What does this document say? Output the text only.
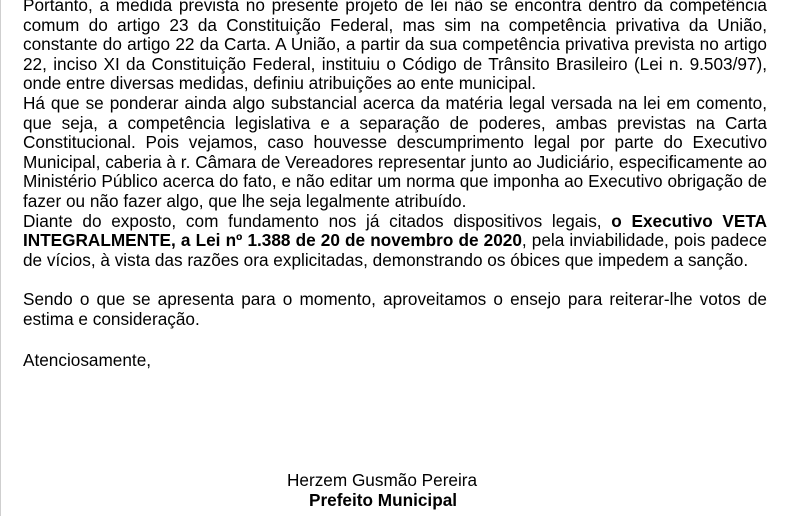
Portanto, a medida prevista no presente projeto de lei não se encontra dentro da competência comum do artigo 23 da Constituição Federal, mas sim na competência privativa da União, constante do artigo 22 da Carta. A União, a partir da sua competência privativa prevista no artigo 22, inciso XI da Constituição Federal, instituiu o Código de Trânsito Brasileiro (Lei n. 9.503/97), onde entre diversas medidas, definiu atribuições ao ente municipal.

Há que se ponderar ainda algo substancial acerca da matéria legal versada na lei em comento, que seja, a competência legislativa e a separação de poderes, ambas previstas na Carta Constitucional. Pois vejamos, caso houvesse descumprimento legal por parte do Executivo Municipal, caberia à r. Câmara de Vereadores representar junto ao Judiciário, especificamente ao Ministério Público acerca do fato, e não editar um norma que imponha ao Executivo obrigação de fazer ou não fazer algo, que lhe seja legalmente atribuído.

Diante do exposto, com fundamento nos já citados dispositivos legais, o Executivo VETA INTEGRALMENTE, a Lei nº 1.388 de 20 de novembro de 2020, pela inviabilidade, pois padece de vícios, à vista das razões ora explicitadas, demonstrando os óbices que impedem a sanção.

Sendo o que se apresenta para o momento, aproveitamos o ensejo para reiterar-lhe votos de estima e consideração.

Atenciosamente,

Herzem Gusmão Pereira
Prefeito Municipal
